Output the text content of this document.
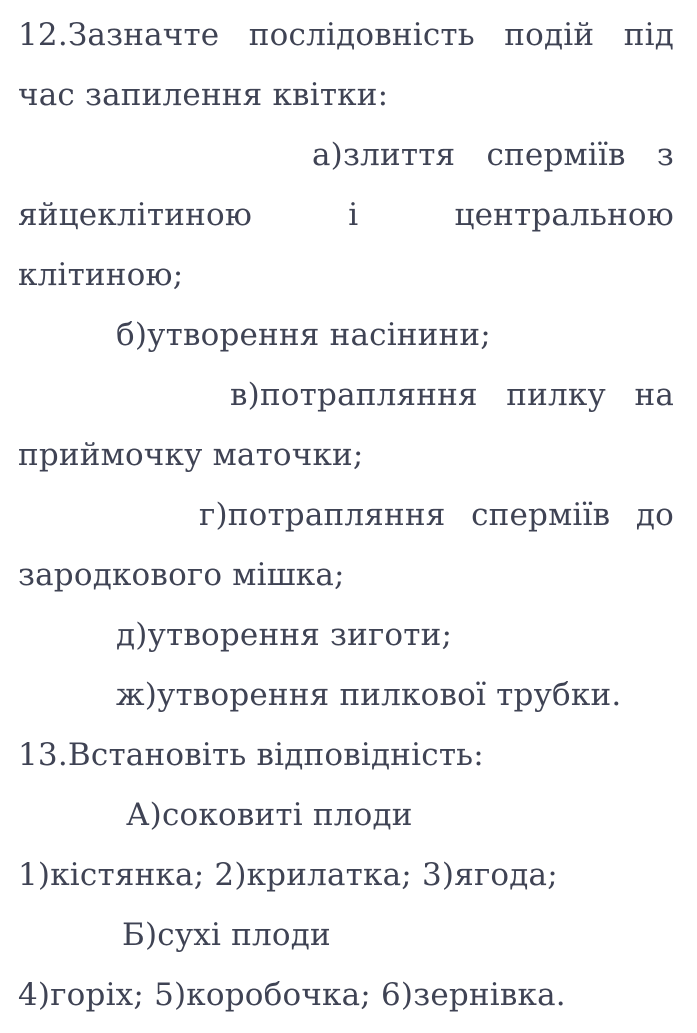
12.Зазначте послідовність подій під
час запилення квітки:
а)злиття спермiїв з
яйцеклітиною	і	центральною
клітиною;
б)утворення насінини;
в)потрапляння пилку на
приймочку маточки;
г)потрапляння спермiїв до
зародкового мішка;
д)утворення зиготи;
ж)утворення пилкової трубки.
13.Встановіть відповідність:
А)соковиті плоди
1)кістянка; 2)крилатка; 3)ягода;
Б)сухі плоди
4)горіх; 5)коробочка; 6)зернівка.
